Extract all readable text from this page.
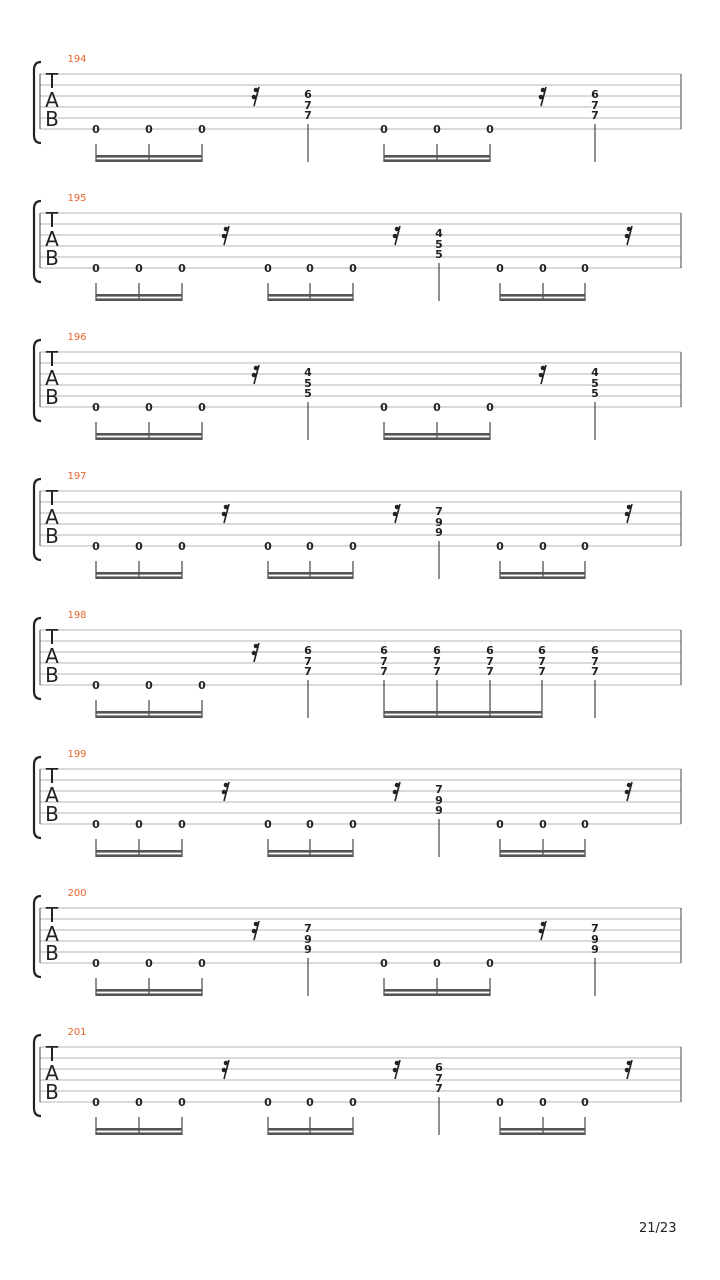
T
A
B
194
0	0	0
6
7
7
0	0	0
6
7
7
T
A
B
195
0	0	0	0	0	0
4
5
5
0	0	0
T
A
B
196
0	0	0
4
5
5
0	0	0
4
5
5
T
A
B
197
0	0	0	0	0	0
7
9
9
0	0	0
T
A
B
198
0	0	0
6
7
7
6
7
7
6
7
7
6
7
7
6
7
7
6
7
7
T
A
B
199
0	0	0	0	0	0
7
9
9
0	0	0
T
A
B
200
0	0	0
7
9
9
0	0	0
7
9
9
T
A
B
201
0	0	0	0	0	0
6
7
7
0	0	0
21/23
